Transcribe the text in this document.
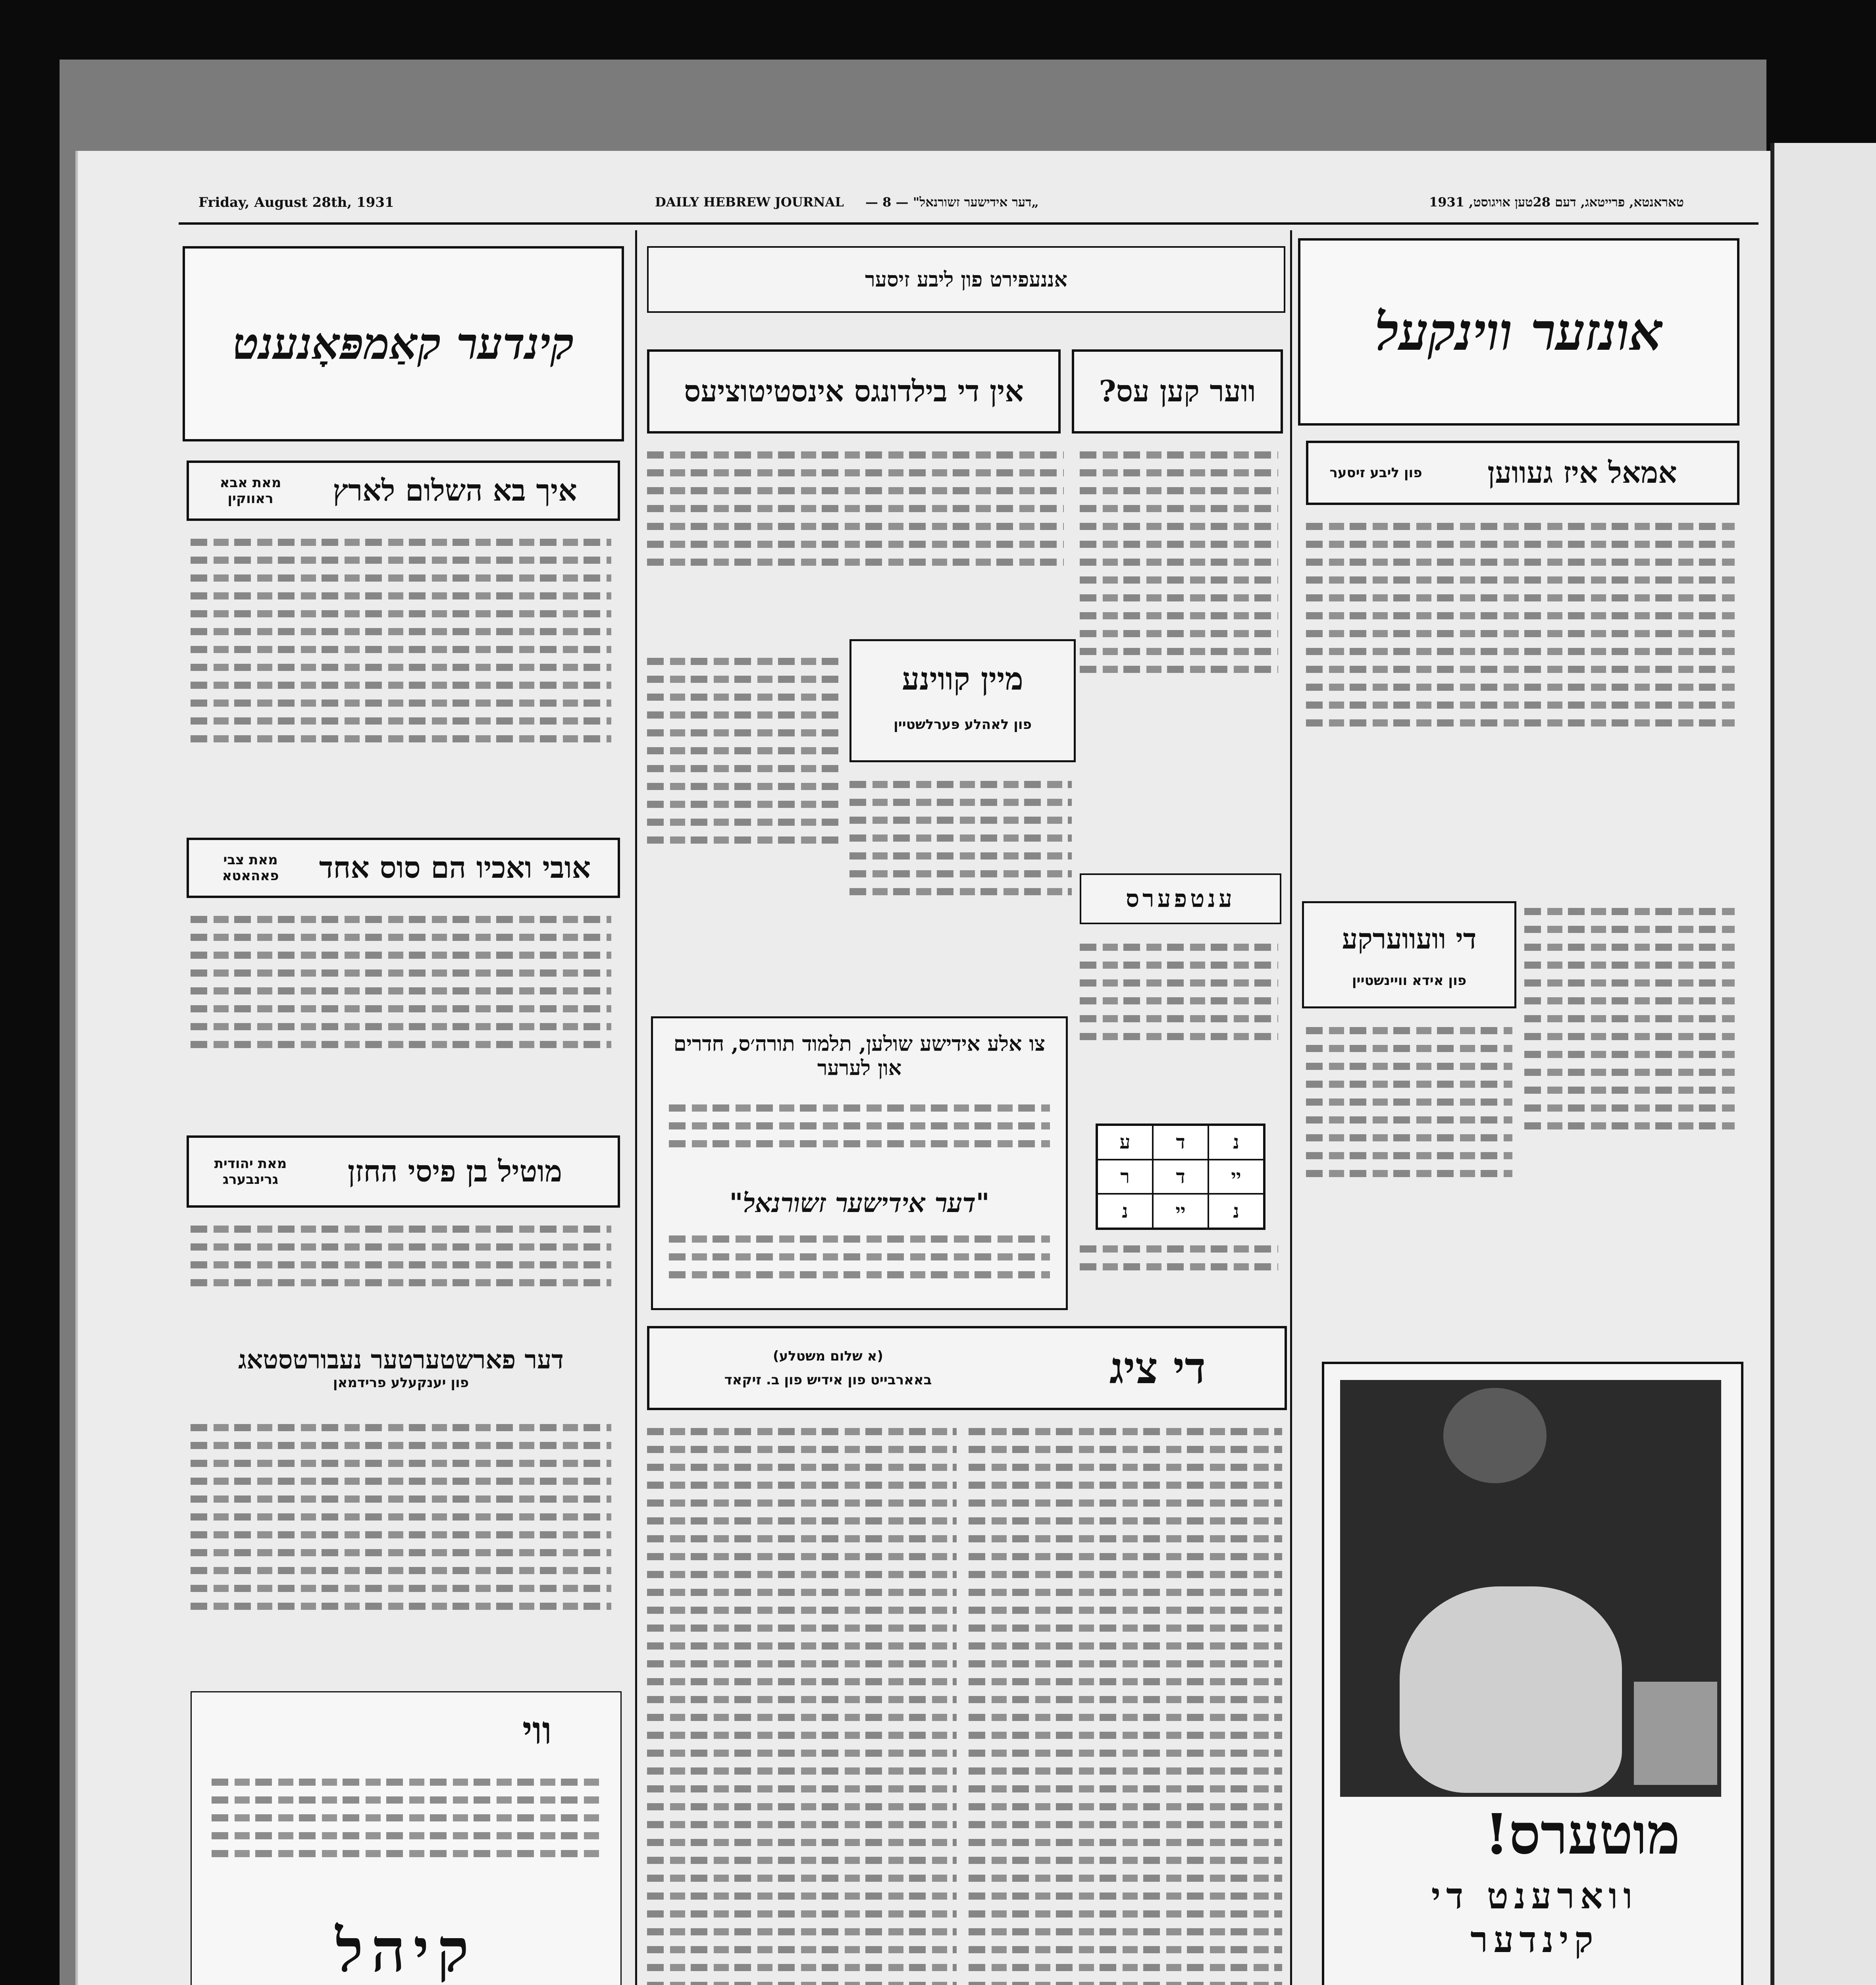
Friday, August 28th, 1931	DAILY HEBREW JOURNAL „דער אידישער זשורנאל" — 8 —	טאראנטא, פרייטאג, דעם 28טען אויגוסט, 1931
קינדער קאַמפּאָנענט
איך בא השלום לארץ
מאת אבא ראווקין
אובי ואכיו הם סוס אחד
מאת צבי פאהאטא
מוטיל בן פיסי החזן
מאת יהודית גרינבערג
דער פארשטערטער נעבורטסטאג
פון יענקעלע פרידמאן
ווי
קיהל
אננעפירט פון ליבע זיסער
אין די בילדונגס אינסטיטוציעס	ווער קען עס?
מיין קווינע
פון לאהלע פּערלשטיין
ענטפערס
ע	ד	נ
ר	ד	יי
נ	יי	נ
צו אלע אידישע שולען, תלמוד תורה׳ס, חדרים און לערער
"דער אידישער זשורנאל"
די ציג
(א שלום משטלע)
באארבייט פון אידיש פון ב. זיקאד
אונזער ווינקעל
אמאל איז געווען
פון ליבע זיסער
די וועווערקע
פון אידא וויינשטיין
מוטערס!
ווארענט די
קינדער
